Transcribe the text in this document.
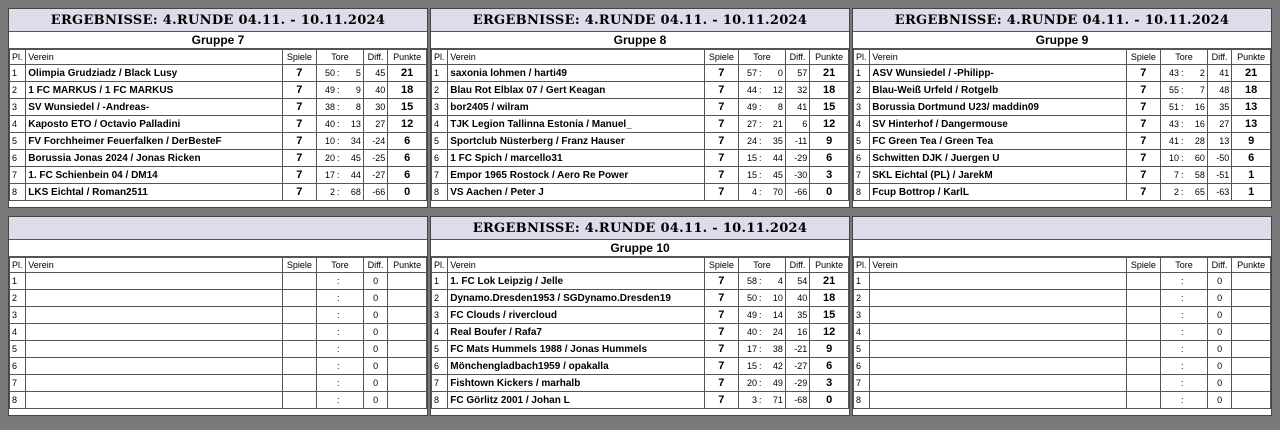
ERGEBNISSE: 4.RUNDE 04.11. - 10.11.2024
Gruppe 7
Pl.	Verein	Spiele	Tore			Diff.	Punkte
1	Olimpia Grudziadz / Black Lusy	7	50	:	5	45	21
2	1 FC MARKUS / 1 FC MARKUS	7	49	:	9	40	18
3	SV Wunsiedel / -Andreas-	7	38	:	8	30	15
4	Kaposto ETO / Octavio Palladini	7	40	:	13	27	12
5	FV Forchheimer Feuerfalken / DerBesteF	7	10	:	34	-24	6
6	Borussia Jonas 2024 / Jonas Ricken	7	20	:	45	-25	6
7	1. FC Schienbein 04 / DM14	7	17	:	44	-27	6
8	LKS Eichtal / Roman2511	7	2	:	68	-66	0
ERGEBNISSE: 4.RUNDE 04.11. - 10.11.2024
Gruppe 8
Pl.	Verein	Spiele	Tore			Diff.	Punkte
1	saxonia lohmen / harti49	7	57	:	0	57	21
2	Blau Rot Elblax 07 / Gert Keagan	7	44	:	12	32	18
3	bor2405 / wilram	7	49	:	8	41	15
4	TJK Legion Tallinna Estonia / Manuel_	7	27	:	21	6	12
5	Sportclub Nüsterberg / Franz Hauser	7	24	:	35	-11	9
6	1 FC Spich / marcello31	7	15	:	44	-29	6
7	Empor 1965 Rostock / Aero Re Power	7	15	:	45	-30	3
8	VS Aachen / Peter J	7	4	:	70	-66	0
ERGEBNISSE: 4.RUNDE 04.11. - 10.11.2024
Gruppe 9
Pl.	Verein	Spiele	Tore			Diff.	Punkte
1	ASV Wunsiedel / -Philipp-	7	43	:	2	41	21
2	Blau-Weiß Urfeld / Rotgelb	7	55	:	7	48	18
3	Borussia Dortmund U23/ maddin09	7	51	:	16	35	13
4	SV Hinterhof / Dangermouse	7	43	:	16	27	13
5	FC Green Tea / Green Tea	7	41	:	28	13	9
6	Schwitten DJK / Juergen U	7	10	:	60	-50	6
7	SKL Eichtal (PL) / JarekM	7	7	:	58	-51	1
8	Fcup Bottrop / KarlL	7	2	:	65	-63	1
Pl.	Verein	Spiele	Tore			Diff.	Punkte
1				:		0	
2				:		0	
3				:		0	
4				:		0	
5				:		0	
6				:		0	
7				:		0	
8				:		0	
ERGEBNISSE: 4.RUNDE 04.11. - 10.11.2024
Gruppe 10
Pl.	Verein	Spiele	Tore			Diff.	Punkte
1	1. FC Lok Leipzig / Jelle	7	58	:	4	54	21
2	Dynamo.Dresden1953 / SGDynamo.Dresden19	7	50	:	10	40	18
3	FC Clouds / rivercloud	7	49	:	14	35	15
4	Real Boufer / Rafa7	7	40	:	24	16	12
5	FC Mats Hummels 1988 / Jonas Hummels	7	17	:	38	-21	9
6	Mönchengladbach1959 / opakalla	7	15	:	42	-27	6
7	Fishtown Kickers / marhalb	7	20	:	49	-29	3
8	FC Görlitz 2001 / Johan L	7	3	:	71	-68	0
Pl.	Verein	Spiele	Tore			Diff.	Punkte
1				:		0	
2				:		0	
3				:		0	
4				:		0	
5				:		0	
6				:		0	
7				:		0	
8				:		0	
